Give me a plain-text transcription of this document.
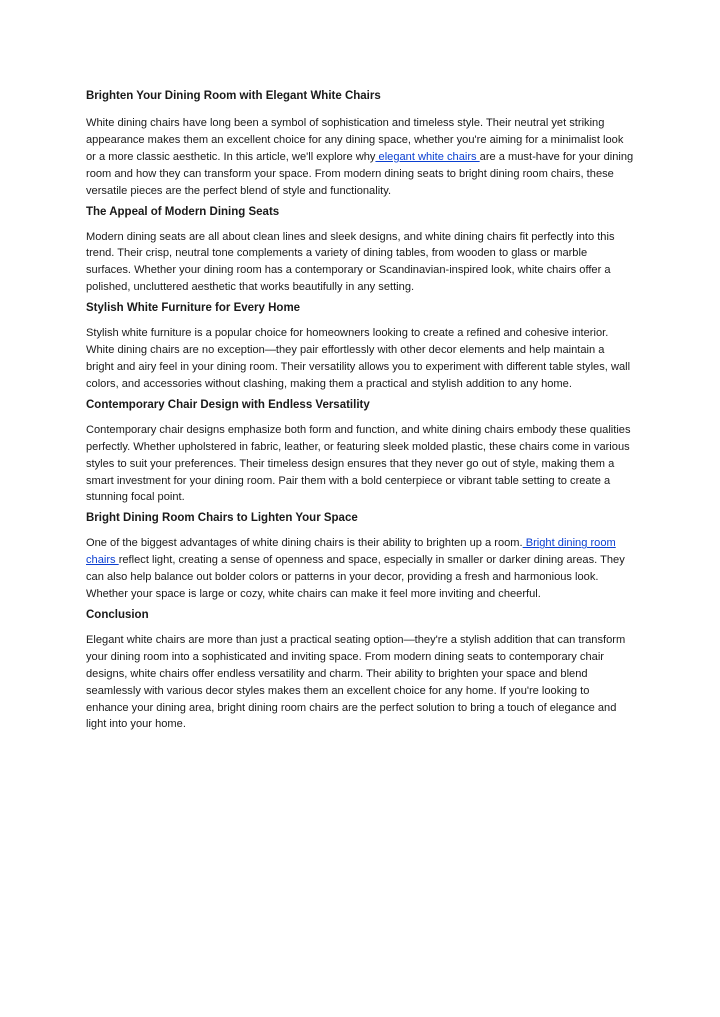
Brighten Your Dining Room with Elegant White Chairs

White dining chairs have long been a symbol of sophistication and timeless style. Their neutral yet striking appearance makes them an excellent choice for any dining space, whether you're aiming for a minimalist look or a more classic aesthetic. In this article, we'll explore why elegant white chairs are a must-have for your dining room and how they can transform your space. From modern dining seats to bright dining room chairs, these versatile pieces are the perfect blend of style and functionality.

The Appeal of Modern Dining Seats

Modern dining seats are all about clean lines and sleek designs, and white dining chairs fit perfectly into this trend. Their crisp, neutral tone complements a variety of dining tables, from wooden to glass or marble surfaces. Whether your dining room has a contemporary or Scandinavian-inspired look, white chairs offer a polished, uncluttered aesthetic that works beautifully in any setting.

Stylish White Furniture for Every Home

Stylish white furniture is a popular choice for homeowners looking to create a refined and cohesive interior. White dining chairs are no exception—they pair effortlessly with other decor elements and help maintain a bright and airy feel in your dining room. Their versatility allows you to experiment with different table styles, wall colors, and accessories without clashing, making them a practical and stylish addition to any home.

Contemporary Chair Design with Endless Versatility

Contemporary chair designs emphasize both form and function, and white dining chairs embody these qualities perfectly. Whether upholstered in fabric, leather, or featuring sleek molded plastic, these chairs come in various styles to suit your preferences. Their timeless design ensures that they never go out of style, making them a smart investment for your dining room. Pair them with a bold centerpiece or vibrant table setting to create a stunning focal point.

Bright Dining Room Chairs to Lighten Your Space

One of the biggest advantages of white dining chairs is their ability to brighten up a room. Bright dining room chairs reflect light, creating a sense of openness and space, especially in smaller or darker dining areas. They can also help balance out bolder colors or patterns in your decor, providing a fresh and harmonious look. Whether your space is large or cozy, white chairs can make it feel more inviting and cheerful.

Conclusion

Elegant white chairs are more than just a practical seating option—they're a stylish addition that can transform your dining room into a sophisticated and inviting space. From modern dining seats to contemporary chair designs, white chairs offer endless versatility and charm. Their ability to brighten your space and blend seamlessly with various decor styles makes them an excellent choice for any home. If you're looking to enhance your dining area, bright dining room chairs are the perfect solution to bring a touch of elegance and light into your home.
